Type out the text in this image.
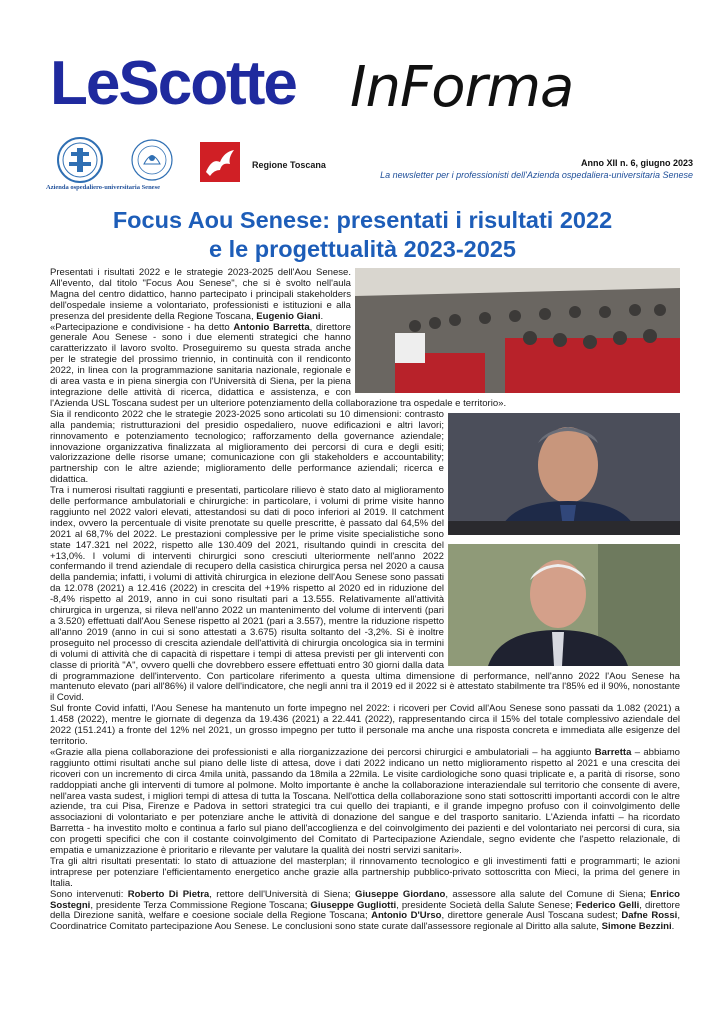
LeScotte InForma
Azienda ospedaliero-universitaria Senese
Regione Toscana	Anno XII n. 6, giugno 2023
La newsletter per i professionisti dell'Azienda ospedaliera-universitaria Senese
Focus Aou Senese: presentati i risultati 2022
e le progettualità 2023-2025

Presentati i risultati 2022 e le strategie 2023-2025 dell'Aou Senese. All'evento, dal titolo "Focus Aou Senese", che si è svolto nell'aula Magna del centro didattico, hanno partecipato i principali stakeholders dell'ospedale insieme a volontariato, professionisti e istituzioni e alla presenza del presidente della Regione Toscana, Eugenio Giani.

«Partecipazione e condivisione - ha detto Antonio Barretta, direttore generale Aou Senese - sono i due elementi strategici che hanno caratterizzato il lavoro svolto. Proseguiremo su questa strada anche per le strategie del prossimo triennio, in continuità con il rendiconto 2022, in linea con la programmazione sanitaria nazionale, regionale e di area vasta e in piena sinergia con l'Università di Siena, per la piena integrazione delle attività di ricerca, didattica e assistenza, e con l'Azienda USL Toscana sudest per un ulteriore potenziamento della collaborazione tra ospedale e territorio».

Sia il rendiconto 2022 che le strategie 2023-2025 sono articolati su 10 dimensioni: contrasto alla pandemia; ristrutturazioni del presidio ospedaliero, nuove edificazioni e altri lavori; rinnovamento e potenziamento tecnologico; rafforzamento della governance aziendale; innovazione organizzativa finalizzata al miglioramento dei percorsi di cura e degli esiti; valorizzazione delle risorse umane; comunicazione con gli stakeholders e accountability; partnership con le altre aziende; miglioramento delle performance aziendali; ricerca e didattica.

Tra i numerosi risultati raggiunti e presentati, particolare rilievo è stato dato al miglioramento delle performance ambulatoriali e chirurgiche: in particolare, i volumi di prime visite hanno raggiunto nel 2022 valori elevati, attestandosi su dati di poco inferiori al 2019. Il catchment index, ovvero la percentuale di visite prenotate su quelle prescritte, è passato dal 64,5% del 2021 al 68,7% del 2022. Le prestazioni complessive per le prime visite specialistiche sono state 147.321 nel 2022, rispetto alle 130.409 del 2021, risultando quindi in crescita del +13,0%. I volumi di interventi chirurgici sono cresciuti ulteriormente nell'anno 2022 confermando il trend aziendale di recupero della casistica chirurgica persa nel 2020 a causa della pandemia; infatti, i volumi di attività chirurgica in elezione dell'Aou Senese sono passati da 12.078 (2021) a 12.416 (2022) in crescita del +19% rispetto al 2020 ed in riduzione del -8,4% rispetto al 2019, anno in cui sono risultati pari a 13.555. Relativamente all'attività chirurgica in urgenza, si rileva nell'anno 2022 un mantenimento del volume di interventi (pari a 3.520) effettuati dall'Aou Senese rispetto al 2021 (pari a 3.557), mentre la riduzione rispetto all'anno 2019 (anno in cui si sono attestati a 3.675) risulta soltanto del -3,2%. Si è inoltre proseguito nel processo di crescita aziendale dell'attività di chirurgia oncologica sia in termini di volumi di attività che di capacità di rispettare i tempi di attesa previsti per gli interventi con classe di priorità "A", ovvero quelli che dovrebbero essere effettuati entro 30 giorni dalla data di programmazione dell'intervento. Con particolare riferimento a questa ultima dimensione di performance, nell'anno 2022 l'Aou Senese ha mantenuto elevato (pari all'86%) il valore dell'indicatore, che negli anni tra il 2019 ed il 2022 si è attestato stabilmente tra l'85% ed il 90%, nonostante il Covid.

Sul fronte Covid infatti, l'Aou Senese ha mantenuto un forte impegno nel 2022: i ricoveri per Covid all'Aou Senese sono passati da 1.082 (2021) a 1.458 (2022), mentre le giornate di degenza da 19.436 (2021) a 22.441 (2022), rappresentando circa il 15% del totale complessivo aziendale del 2022 (151.241) a fronte del 12% nel 2021, un grosso impegno per tutto il personale ma anche una risposta concreta e immediata alle esigenze del territorio.

«Grazie alla piena collaborazione dei professionisti e alla riorganizzazione dei percorsi chirurgici e ambulatoriali – ha aggiunto Barretta – abbiamo raggiunto ottimi risultati anche sul piano delle liste di attesa, dove i dati 2022 indicano un netto miglioramento rispetto al 2021 e una crescita dei ricoveri con un incremento di circa 4mila unità, passando da 18mila a 22mila. Le visite cardiologiche sono quasi triplicate e, a parità di risorse, sono raddoppiati anche gli interventi di tumore al polmone. Molto importante è anche la collaborazione interaziendale sul territorio che consente di avere, nell'area vasta sudest, i migliori tempi di attesa di tutta la Toscana. Nell'ottica della collaborazione sono stati sottoscritti importanti accordi con le altre aziende, tra cui Pisa, Firenze e Padova in settori strategici tra cui quello dei trapianti, e il grande impegno profuso con il coinvolgimento delle associazioni di volontariato e per potenziare anche le attività di donazione del sangue e del trasporto sanitario. L'Azienda infatti – ha ricordato Barretta - ha investito molto e continua a farlo sul piano dell'accoglienza e del coinvolgimento dei pazienti e del volontariato nei percorsi di cura, sia con progetti specifici che con il costante coinvolgimento del Comitato di Partecipazione Aziendale, segno evidente che l'aspetto relazionale, di empatia e umanizzazione è prioritario e rilevante per valutare la qualità dei nostri servizi sanitari».

Tra gli altri risultati presentati: lo stato di attuazione del masterplan; il rinnovamento tecnologico e gli investimenti fatti e programmarti; le azioni intraprese per potenziare l'efficientamento energetico anche grazie alla partnership pubblico-privato sottoscritta con Mieci, la prima del genere in Italia.

Sono intervenuti: Roberto Di Pietra, rettore dell'Università di Siena; Giuseppe Giordano, assessore alla salute del Comune di Siena; Enrico Sostegni, presidente Terza Commissione Regione Toscana; Giuseppe Gugliotti, presidente Società della Salute Senese; Federico Gelli, direttore della Direzione sanità, welfare e coesione sociale della Regione Toscana; Antonio D'Urso, direttore generale Ausl Toscana sudest; Dafne Rossi, Coordinatrice Comitato partecipazione Aou Senese. Le conclusioni sono state curate dall'assessore regionale al Diritto alla salute, Simone Bezzini.
